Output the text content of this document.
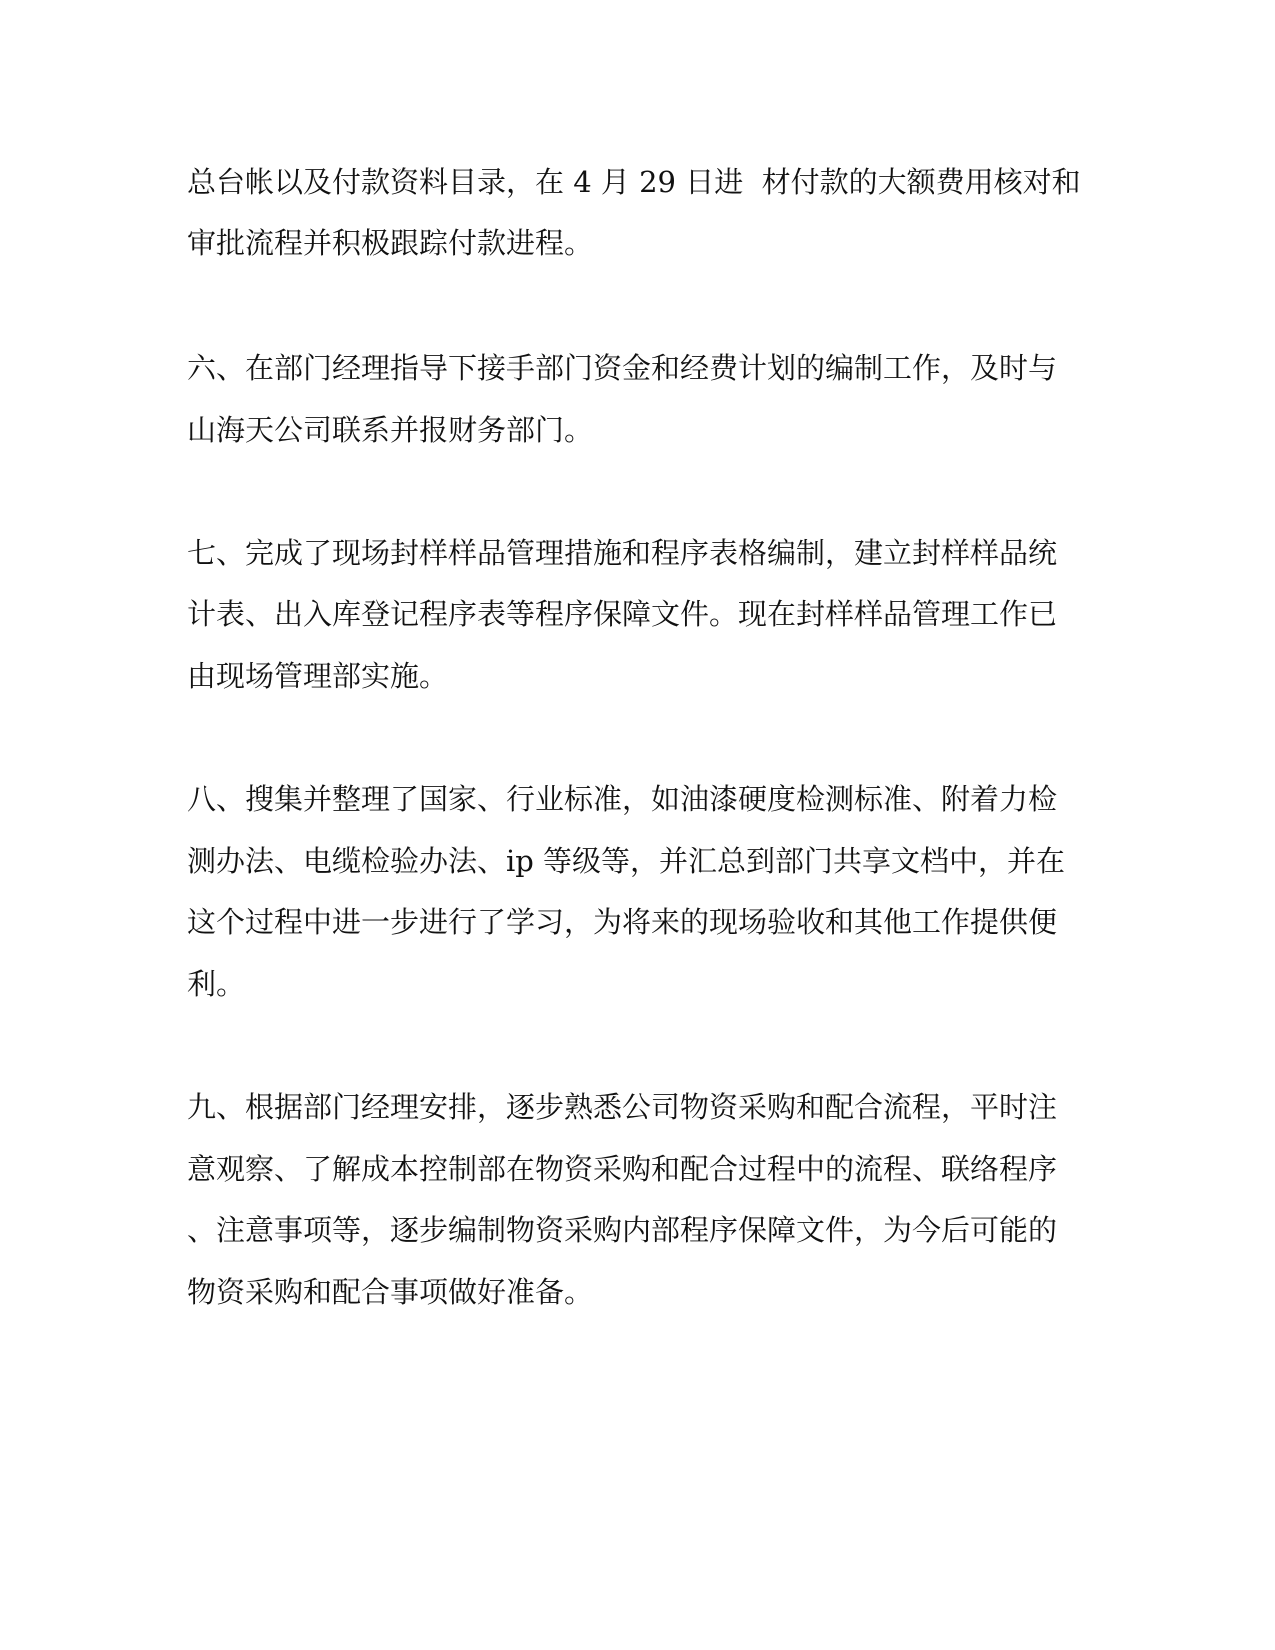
总台帐以及付款资料目录，在 4 月 29 日进  材付款的大额费用核对和

审批流程并积极跟踪付款进程。

六、在部门经理指导下接手部门资金和经费计划的编制工作，及时与

山海天公司联系并报财务部门。

七、完成了现场封样样品管理措施和程序表格编制，建立封样样品统

计表、出入库登记程序表等程序保障文件。现在封样样品管理工作已

由现场管理部实施。

八、搜集并整理了国家、行业标准，如油漆硬度检测标准、附着力检

测办法、电缆检验办法、ip 等级等，并汇总到部门共享文档中，并在

这个过程中进一步进行了学习，为将来的现场验收和其他工作提供便

利。

九、根据部门经理安排，逐步熟悉公司物资采购和配合流程，平时注

意观察、了解成本控制部在物资采购和配合过程中的流程、联络程序

、注意事项等，逐步编制物资采购内部程序保障文件，为今后可能的

物资采购和配合事项做好准备。
